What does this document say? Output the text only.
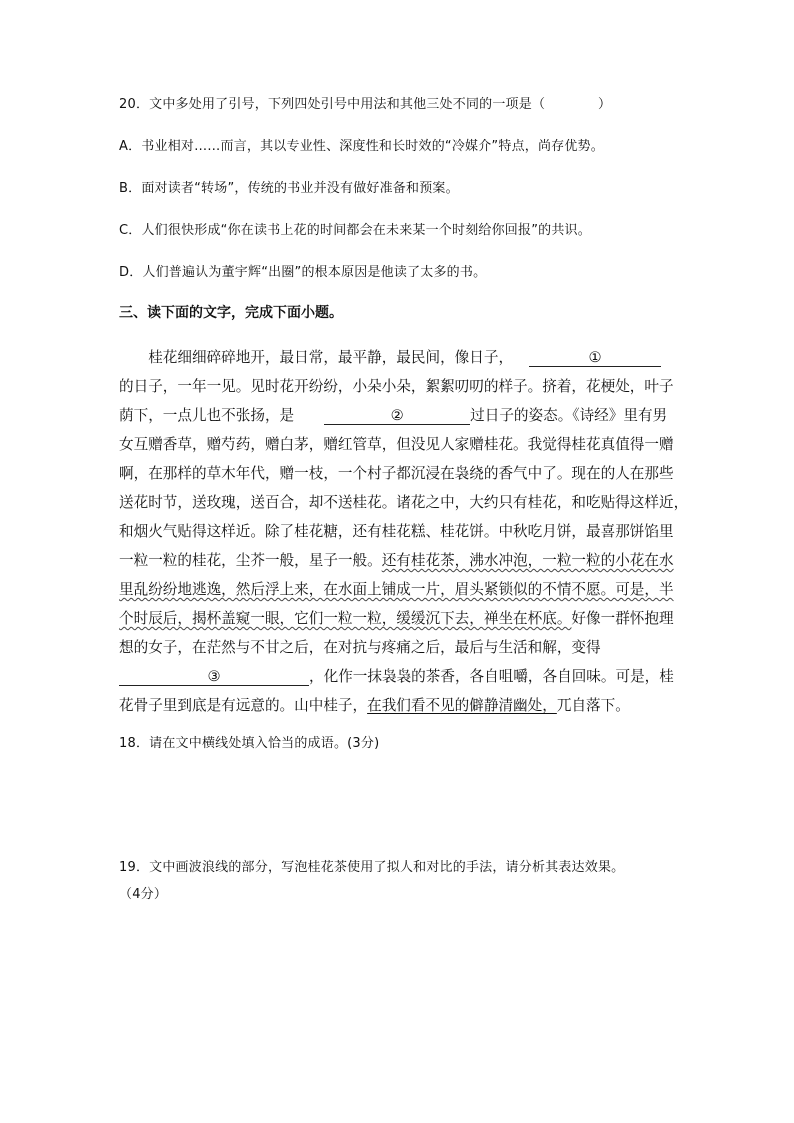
20．文中多处用了引号，下列四处引号中用法和其他三处不同的一项是（　　　　）
A．书业相对……而言，其以专业性、深度性和长时效的“冷媒介”特点，尚存优势。
B．面对读者“转场”，传统的书业并没有做好准备和预案。
C．人们很快形成“你在读书上花的时间都会在未来某一个时刻给你回报”的共识。
D．人们普遍认为董宇辉“出圈”的根本原因是他读了太多的书。
三、读下面的文字，完成下面小题。
　　桂花细细碎碎地开，最日常，最平静，最民间，像日子，	①
的日子，一年一见。见时花开纷纷，小朵小朵，絮絮叨叨的样子。挤着，花梗处，叶子
荫下，一点儿也不张扬，是	②	过日子的姿态。《诗经》里有男
女互赠香草，赠芍药，赠白茅，赠红管草，但没见人家赠桂花。我觉得桂花真值得一赠
啊，在那样的草木年代，赠一枝，一个村子都沉浸在袅绕的香气中了。现在的人在那些
送花时节，送玫瑰，送百合，却不送桂花。诸花之中，大约只有桂花，和吃贴得这样近，
和烟火气贴得这样近。除了桂花糖，还有桂花糕、桂花饼。中秋吃月饼，最喜那饼馅里
一粒一粒的桂花，尘芥一般，星子一般。还有桂花茶，沸水冲泡，一粒一粒的小花在水
里乱纷纷地逃逸，然后浮上来，在水面上铺成一片，眉头紧锁似的不情不愿。可是，半
个时辰后，揭杯盖窥一眼，它们一粒一粒，缓缓沉下去，禅坐在杯底。好像一群怀抱理
想的女子，在茫然与不甘之后，在对抗与疼痛之后，最后与生活和解，变得
③	，化作一抹袅袅的茶香，各自咀嚼，各自回味。可是，桂
花骨子里到底是有远意的。山中桂子，在我们看不见的僻静清幽处，兀自落下。
18．请在文中横线处填入恰当的成语。(3分)
19．文中画波浪线的部分，写泡桂花茶使用了拟人和对比的手法，请分析其表达效果。
（4分）
